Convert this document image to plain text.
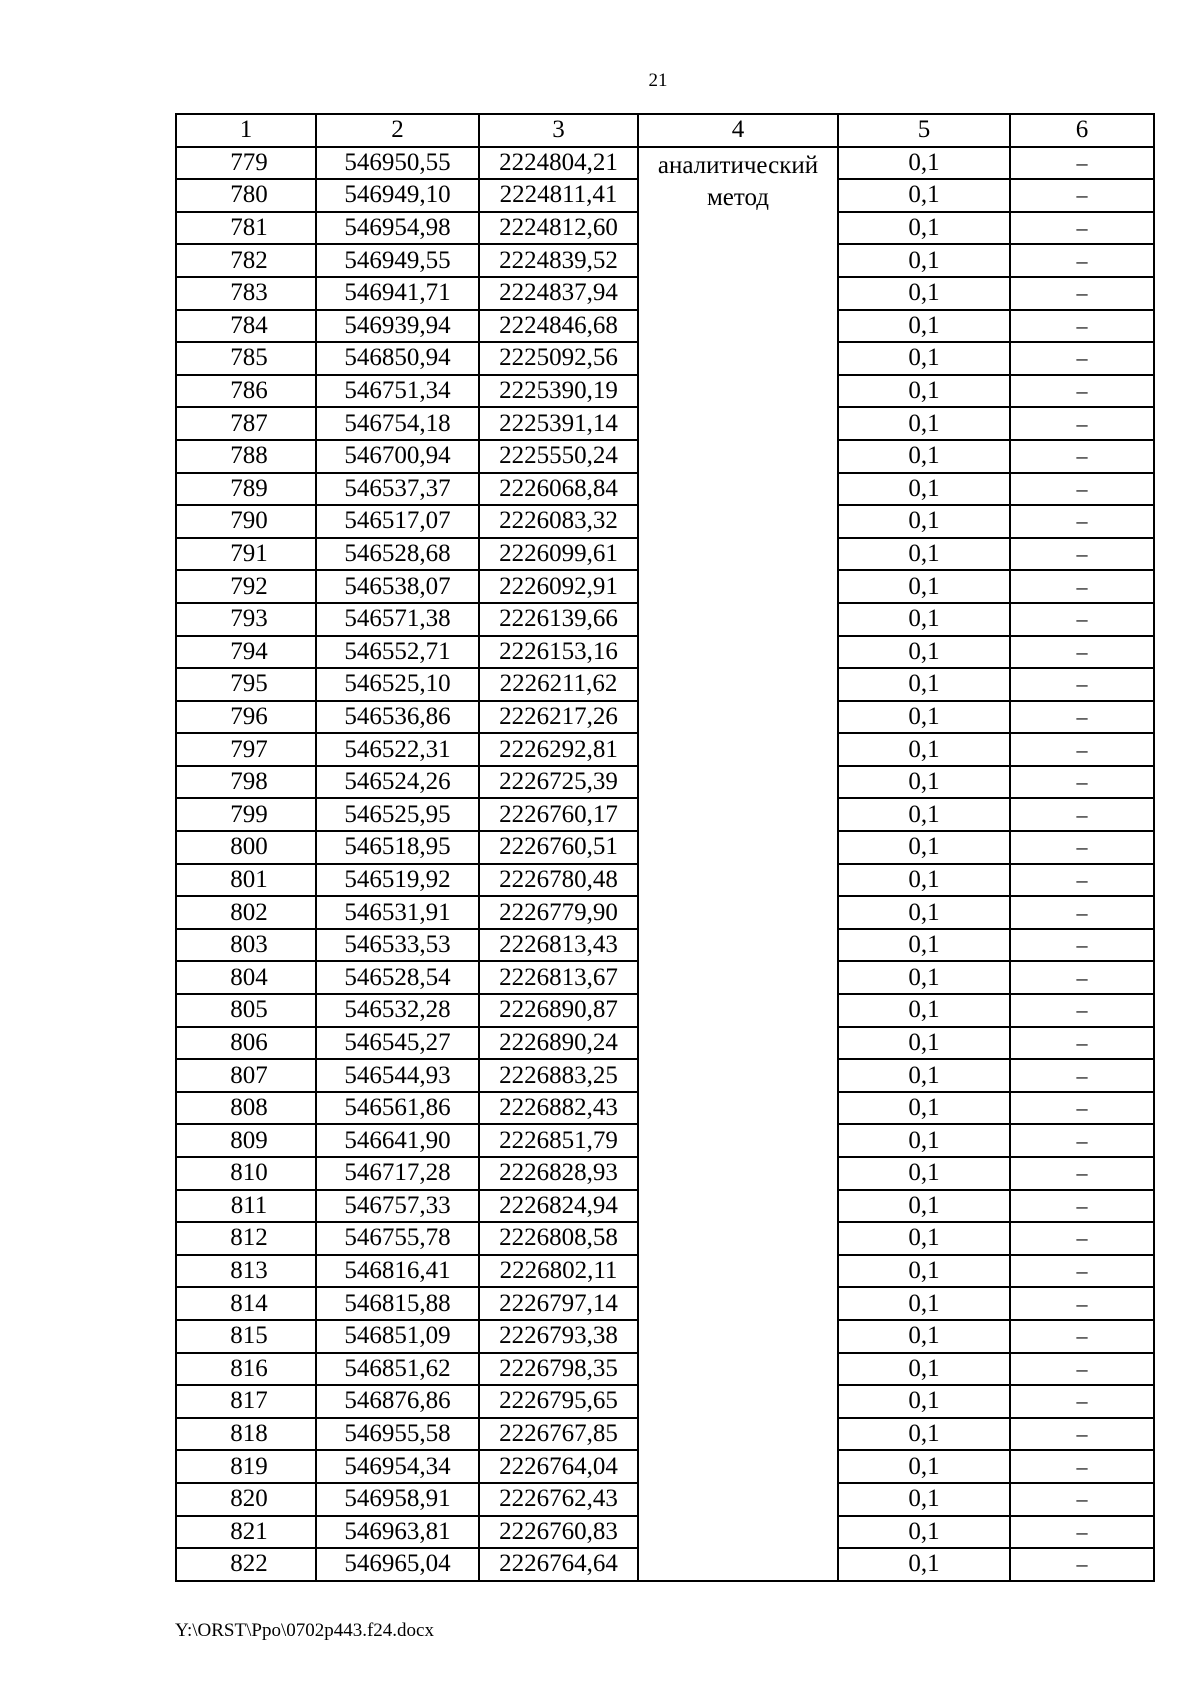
21
1	2	3	4	5	6
779	546950,55	2224804,21	аналитический метод	0,1	–
780	546949,10	2224811,41		0,1	–
781	546954,98	2224812,60		0,1	–
782	546949,55	2224839,52		0,1	–
783	546941,71	2224837,94		0,1	–
784	546939,94	2224846,68		0,1	–
785	546850,94	2225092,56		0,1	–
786	546751,34	2225390,19		0,1	–
787	546754,18	2225391,14		0,1	–
788	546700,94	2225550,24		0,1	–
789	546537,37	2226068,84		0,1	–
790	546517,07	2226083,32		0,1	–
791	546528,68	2226099,61		0,1	–
792	546538,07	2226092,91		0,1	–
793	546571,38	2226139,66		0,1	–
794	546552,71	2226153,16		0,1	–
795	546525,10	2226211,62		0,1	–
796	546536,86	2226217,26		0,1	–
797	546522,31	2226292,81		0,1	–
798	546524,26	2226725,39		0,1	–
799	546525,95	2226760,17		0,1	–
800	546518,95	2226760,51		0,1	–
801	546519,92	2226780,48		0,1	–
802	546531,91	2226779,90		0,1	–
803	546533,53	2226813,43		0,1	–
804	546528,54	2226813,67		0,1	–
805	546532,28	2226890,87		0,1	–
806	546545,27	2226890,24		0,1	–
807	546544,93	2226883,25		0,1	–
808	546561,86	2226882,43		0,1	–
809	546641,90	2226851,79		0,1	–
810	546717,28	2226828,93		0,1	–
811	546757,33	2226824,94		0,1	–
812	546755,78	2226808,58		0,1	–
813	546816,41	2226802,11		0,1	–
814	546815,88	2226797,14		0,1	–
815	546851,09	2226793,38		0,1	–
816	546851,62	2226798,35		0,1	–
817	546876,86	2226795,65		0,1	–
818	546955,58	2226767,85		0,1	–
819	546954,34	2226764,04		0,1	–
820	546958,91	2226762,43		0,1	–
821	546963,81	2226760,83		0,1	–
822	546965,04	2226764,64		0,1	–
Y:\ORST\Ppo\0702p443.f24.docx
